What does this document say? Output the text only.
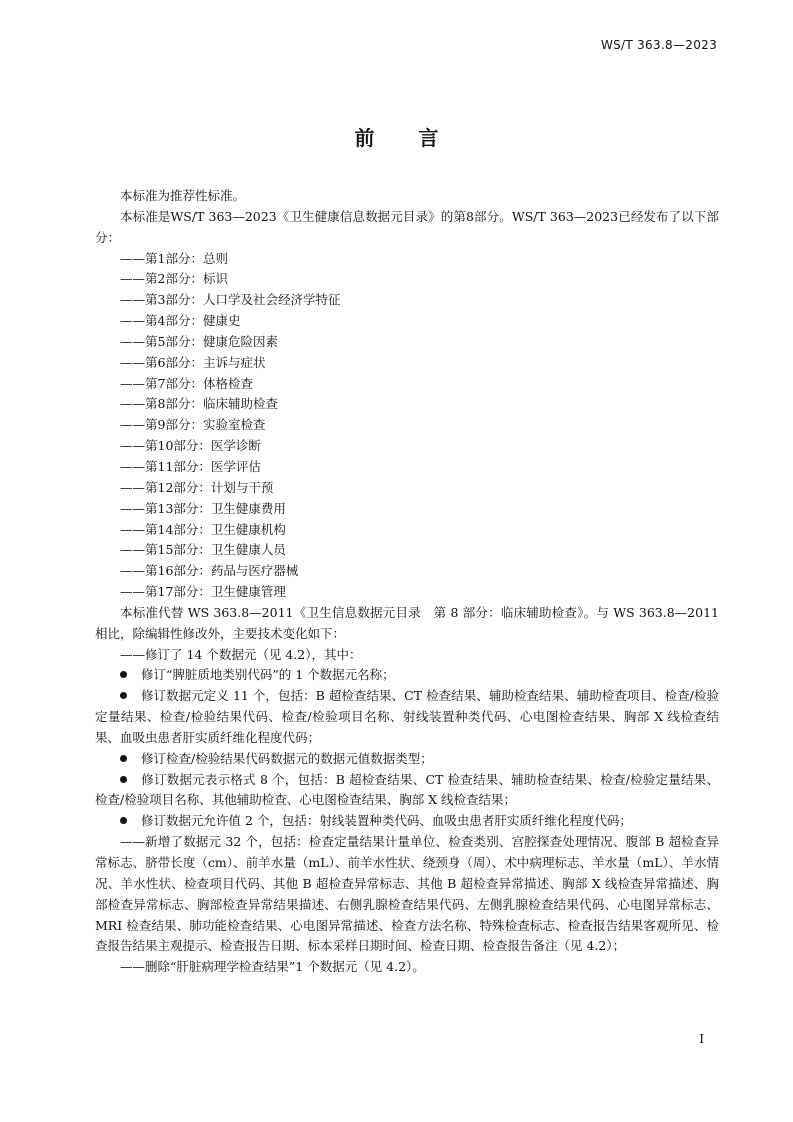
WS/T 363.8—2023
前言

本标准为推荐性标准。

本标准是WS/T 363—2023《卫生健康信息数据元目录》的第8部分。WS/T 363—2023已经发布了以下部分：

——第1部分：总则

——第2部分：标识

——第3部分：人口学及社会经济学特征

——第4部分：健康史

——第5部分：健康危险因素

——第6部分：主诉与症状

——第7部分：体格检查

——第8部分：临床辅助检查

——第9部分：实验室检查

——第10部分：医学诊断

——第11部分：医学评估

——第12部分：计划与干预

——第13部分：卫生健康费用

——第14部分：卫生健康机构

——第15部分：卫生健康人员

——第16部分：药品与医疗器械

——第17部分：卫生健康管理

本标准代替 WS 363.8—2011《卫生信息数据元目录　第 8 部分：临床辅助检查》。与 WS 363.8—2011 相比，除编辑性修改外，主要技术变化如下：

——修订了 14 个数据元（见 4.2），其中：

修订“脾脏质地类别代码”的 1 个数据元名称；

修订数据元定义 11 个，包括：B 超检查结果、CT 检查结果、辅助检查结果、辅助检查项目、检查/检验定量结果、检查/检验结果代码、检查/检验项目名称、射线装置种类代码、心电图检查结果、胸部 X 线检查结果、血吸虫患者肝实质纤维化程度代码；

修订检查/检验结果代码数据元的数据元值数据类型；

修订数据元表示格式 8 个，包括：B 超检查结果、CT 检查结果、辅助检查结果、检查/检验定量结果、检查/检验项目名称、其他辅助检查、心电图检查结果、胸部 X 线检查结果；

修订数据元允许值 2 个，包括：射线装置种类代码、血吸虫患者肝实质纤维化程度代码；

——新增了数据元 32 个，包括：检查定量结果计量单位、检查类别、宫腔探查处理情况、腹部 B 超检查异常标志、脐带长度（cm）、前羊水量（mL）、前羊水性状、绕颈身（周）、术中病理标志、羊水量（mL）、羊水情况、羊水性状、检查项目代码、其他 B 超检查异常标志、其他 B 超检查异常描述、胸部 X 线检查异常描述、胸部检查异常标志、胸部检查异常结果描述、右侧乳腺检查结果代码、左侧乳腺检查结果代码、心电图异常标志、MRI 检查结果、肺功能检查结果、心电图异常描述、检查方法名称、特殊检查标志、检查报告结果客观所见、检查报告结果主观提示、检查报告日期、标本采样日期时间、检查日期、检查报告备注（见 4.2）；

——删除“肝脏病理学检查结果”1 个数据元（见 4.2）。

I
